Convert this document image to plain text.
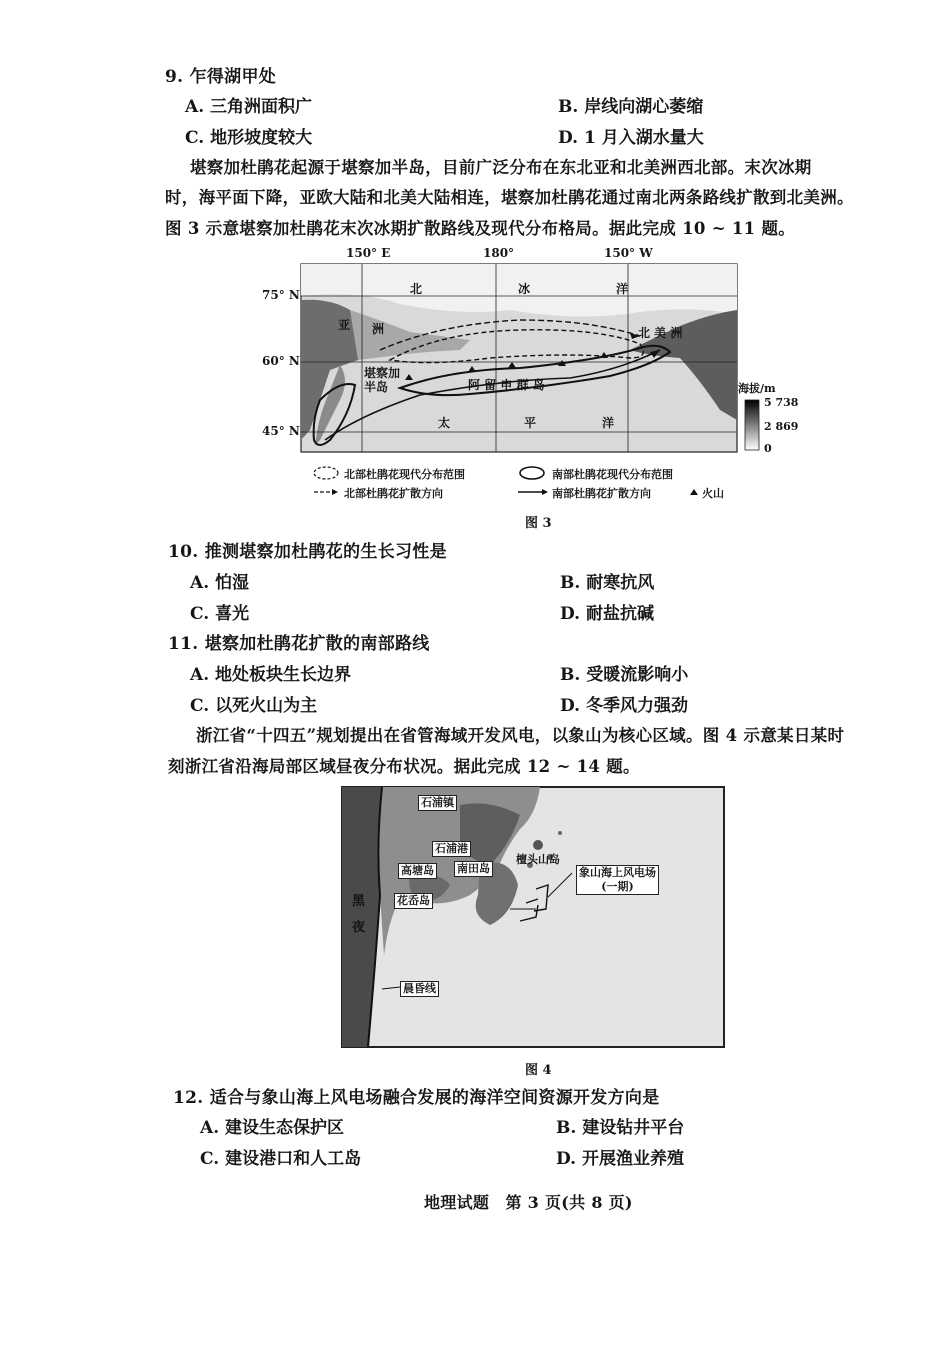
9. 乍得湖甲处
A. 三角洲面积广	B. 岸线向湖心萎缩
C. 地形坡度较大	D. 1 月入湖水量大
堪察加杜鹃花起源于堪察加半岛，目前广泛分布在东北亚和北美洲西北部。末次冰期
时，海平面下降，亚欧大陆和北美大陆相连，堪察加杜鹃花通过南北两条路线扩散到北美洲。
图 3 示意堪察加杜鹃花末次冰期扩散路线及现代分布格局。据此完成 10 ~ 11 题。
150° E	180°	150° W
75° N
60° N
45° N
北	冰	洋
亚 洲	北 美 洲
堪察加
半岛	阿 留 申 群 岛
太	平	洋
海拔/m
5 738
2 869
0
北部杜鹃花现代分布范围	南部杜鹃花现代分布范围
北部杜鹃花扩散方向	南部杜鹃花扩散方向	火山
图 3
10. 推测堪察加杜鹃花的生长习性是
A. 怕湿	B. 耐寒抗风
C. 喜光	D. 耐盐抗碱
11. 堪察加杜鹃花扩散的南部路线
A. 地处板块生长边界	B. 受暖流影响小
C. 以死火山为主	D. 冬季风力强劲
浙江省“十四五”规划提出在省管海域开发风电，以象山为核心区域。图 4 示意某日某时
刻浙江省沿海局部区域昼夜分布状况。据此完成 12 ~ 14 题。
石浦镇
石浦港
高塘岛 南田岛
花岙岛
檀头山岛
象山海上风电场
(一期)
黑
夜
晨昏线
图 4
12. 适合与象山海上风电场融合发展的海洋空间资源开发方向是
A. 建设生态保护区	B. 建设钻井平台
C. 建设港口和人工岛	D. 开展渔业养殖
地理试题　第 3 页(共 8 页)
